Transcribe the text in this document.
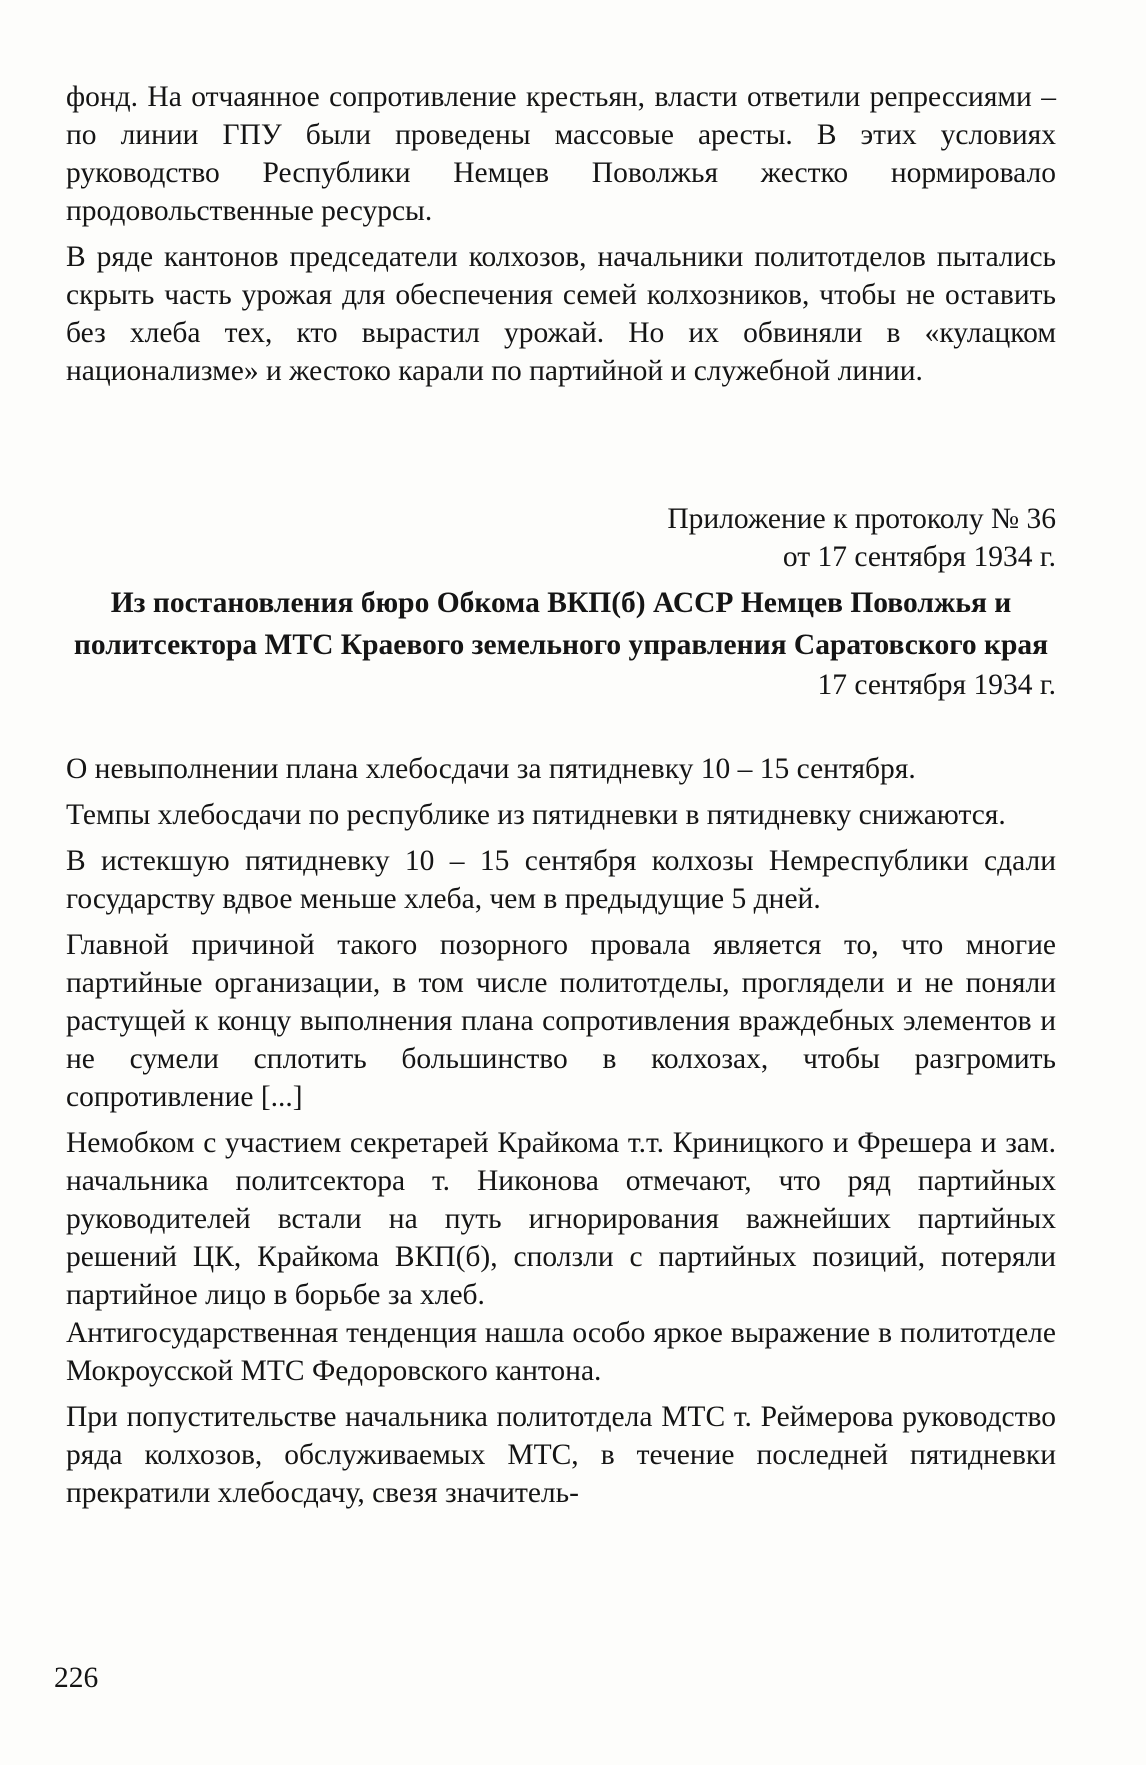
фонд. На отчаянное сопротивление крестьян, власти ответили репрессиями – по линии ГПУ были проведены массовые аресты. В этих условиях руководство Республики Немцев Поволжья жестко нормировало продовольственные ресурсы.

В ряде кантонов председатели колхозов, начальники политотделов пытались скрыть часть урожая для обеспечения семей колхозников, чтобы не оставить без хлеба тех, кто вырастил урожай. Но их обвиняли в «кулацком национализме» и жестоко карали по партийной и служебной линии.

Приложение к протоколу № 36
от 17 сентября 1934 г.
Из постановления бюро Обкома ВКП(б) АССР Немцев Поволжья и политсектора МТС Краевого земельного управления Саратовского края
17 сентября 1934 г.

О невыполнении плана хлебосдачи за пятидневку 10 – 15 сентября.

Темпы хлебосдачи по республике из пятидневки в пятидневку снижаются.

В истекшую пятидневку 10 – 15 сентября колхозы Немреспублики сдали государству вдвое меньше хлеба, чем в предыдущие 5 дней.

Главной причиной такого позорного провала является то, что многие партийные организации, в том числе политотделы, проглядели и не поняли растущей к концу выполнения плана сопротивления враждебных элементов и не сумели сплотить большинство в колхозах, чтобы разгромить сопротивление [...]

Немобком с участием секретарей Крайкома т.т. Криницкого и Фрешера и зам. начальника политсектора т. Никонова отмечают, что ряд партийных руководителей встали на путь игнорирования важнейших партийных решений ЦК, Крайкома ВКП(б), сползли с партийных позиций, потеряли партийное лицо в борьбе за хлеб.

Антигосударственная тенденция нашла особо яркое выражение в политотделе Мокроусской МТС Федоровского кантона.

При попустительстве начальника политотдела МТС т. Реймерова руководство ряда колхозов, обслуживаемых МТС, в течение последней пятидневки прекратили хлебосдачу, свезя значитель-

226
